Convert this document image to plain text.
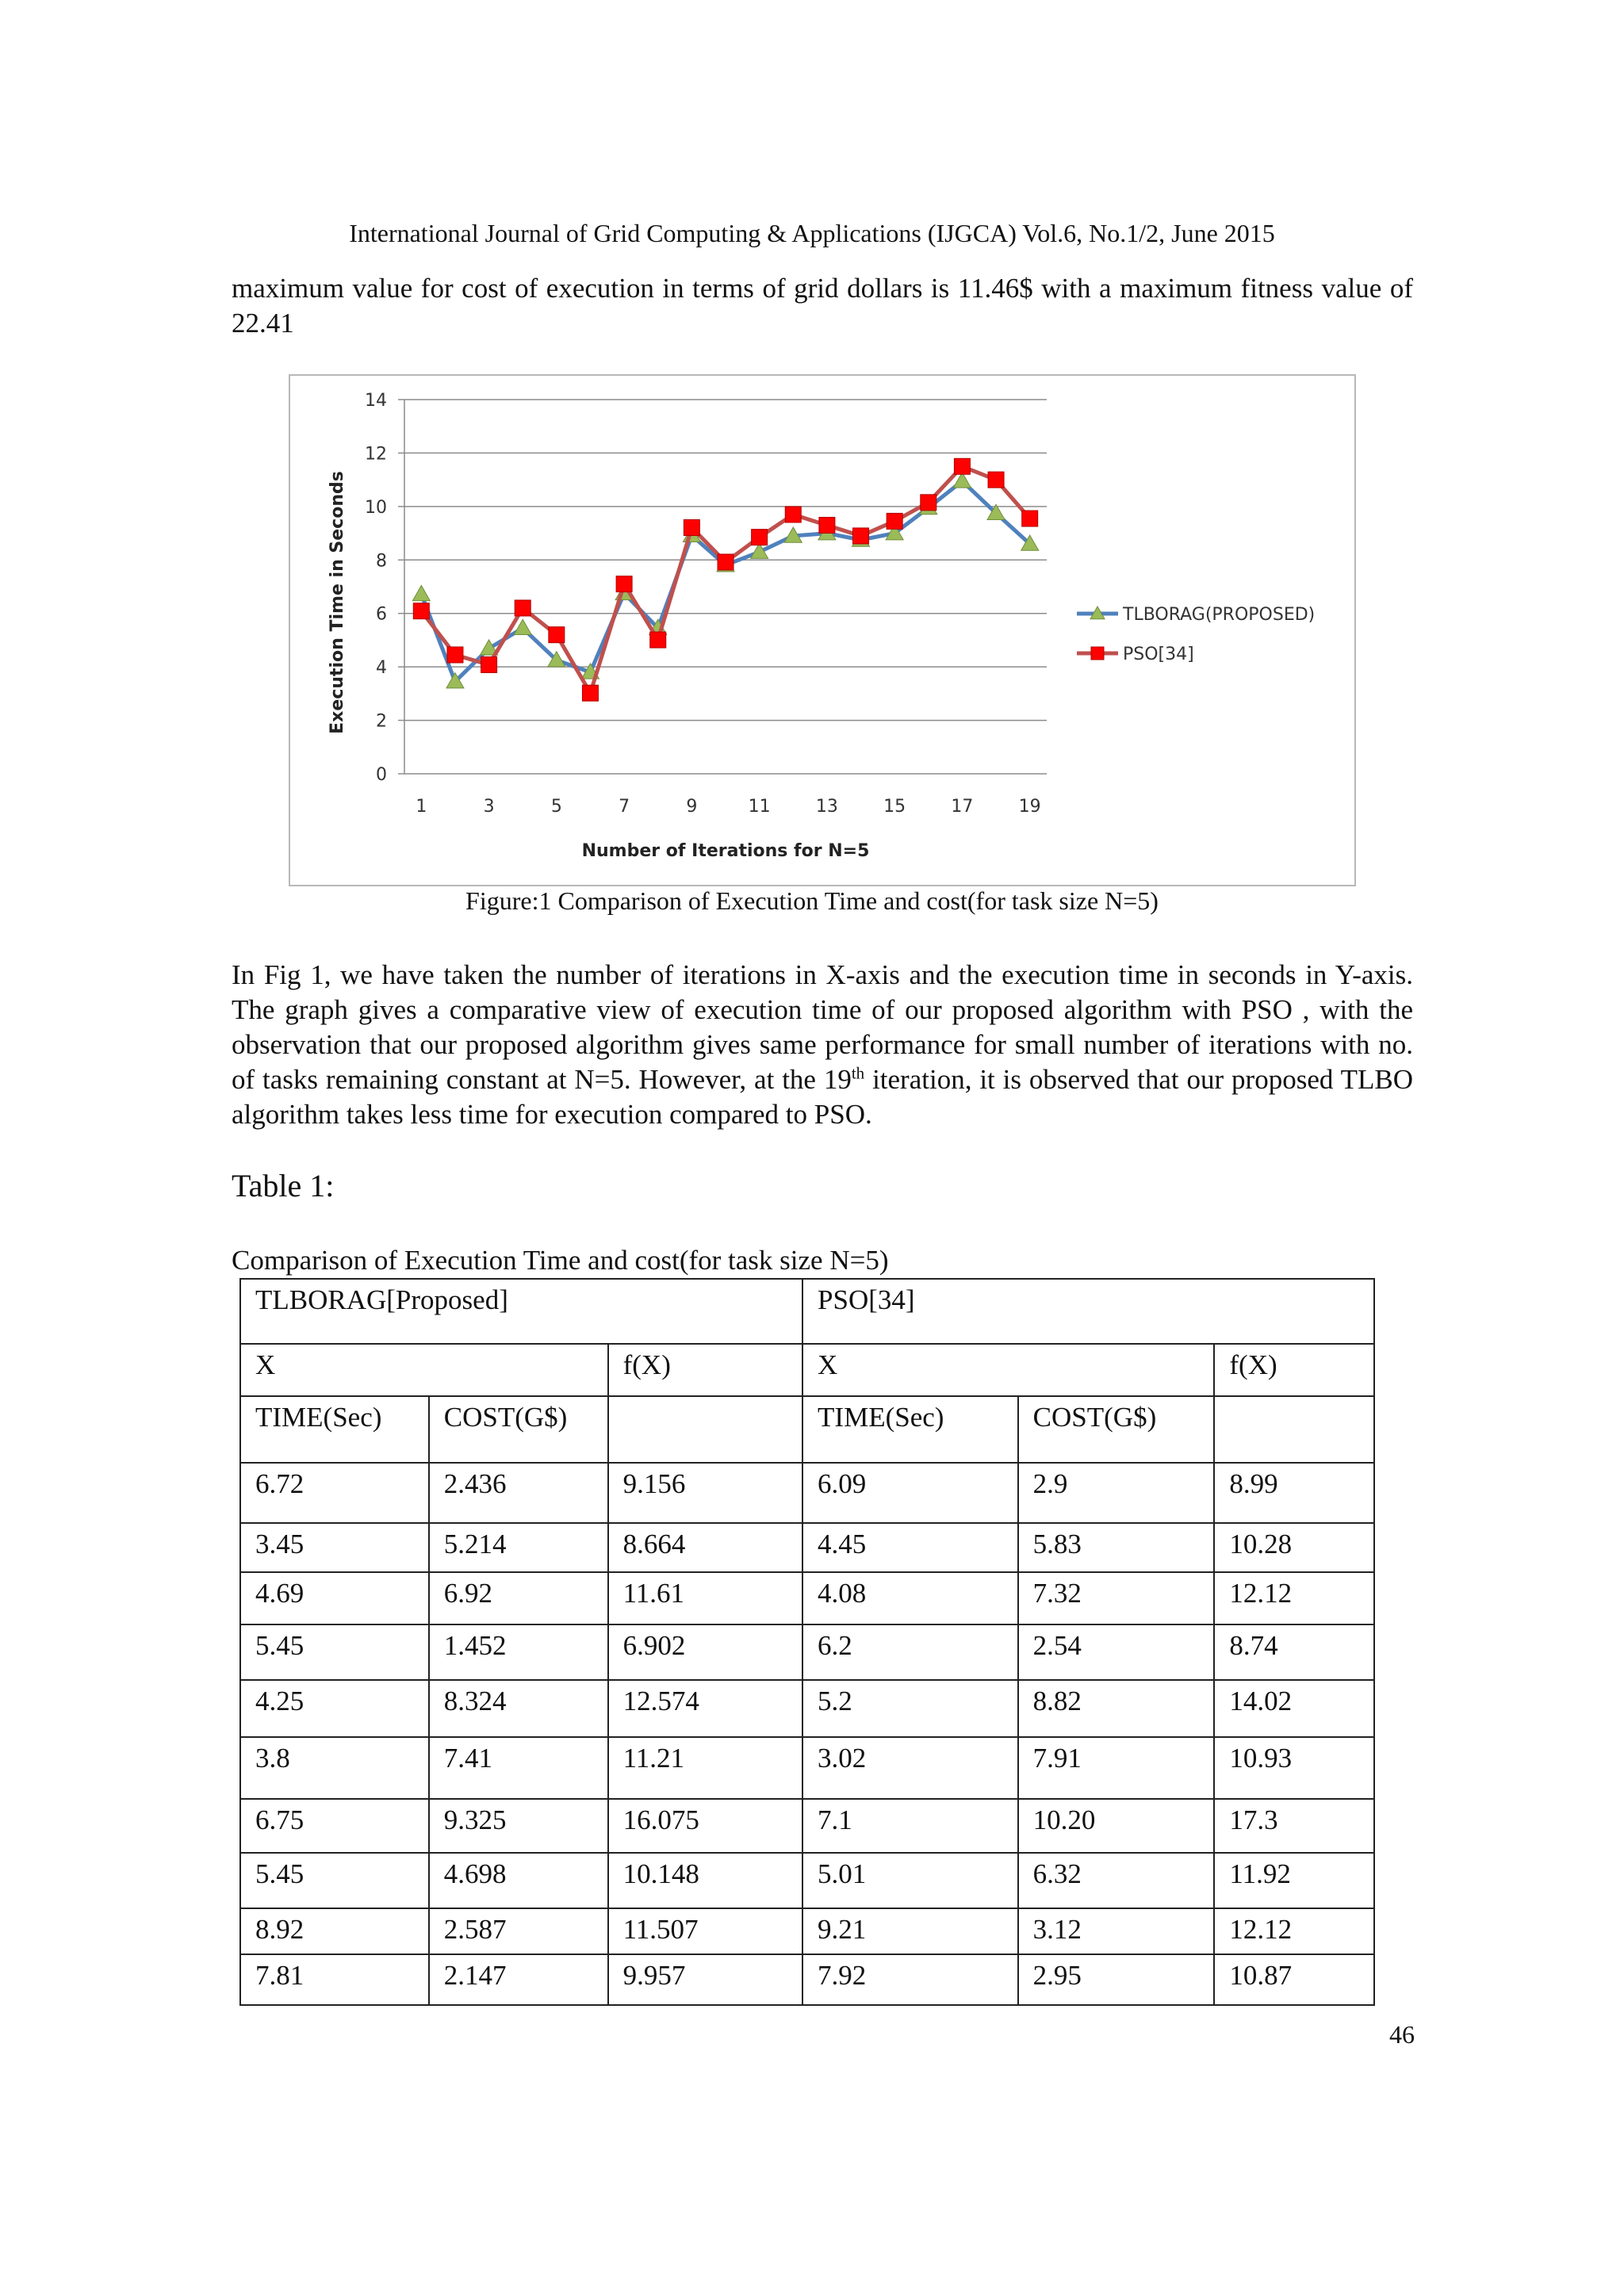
International Journal of Grid Computing & Applications (IJGCA) Vol.6, No.1/2, June 2015
maximum value for cost of execution in terms of grid dollars is 11.46$ with a maximum fitness value of 22.41
0
2
4
6
8
10
12
14
1	3	5	7	9	11	13	15	17	19
Number of Iterations for N=5
Execution Time in Seconds	TLBORAG(PROPOSED)
PSO[34]
Figure:1 Comparison of Execution Time and cost(for task size N=5)
In Fig 1, we have taken the number of iterations in X-axis and the execution time in seconds in Y-axis. The graph gives a comparative view of execution time of our proposed algorithm with PSO , with the observation that our proposed algorithm gives same performance for small number of iterations with no. of tasks remaining constant at N=5. However, at the 19th iteration, it is observed that our proposed TLBO algorithm takes less time for execution compared to PSO.
Table 1:
Comparison of Execution Time and cost(for task size N=5)
TLBORAG[Proposed]			PSO[34]		
X		f(X)	X		f(X)
TIME(Sec)	COST(G$)		TIME(Sec)	COST(G$)	
6.72	2.436	9.156	6.09	2.9	8.99
3.45	5.214	8.664	4.45	5.83	10.28
4.69	6.92	11.61	4.08	7.32	12.12
5.45	1.452	6.902	6.2	2.54	8.74
4.25	8.324	12.574	5.2	8.82	14.02
3.8	7.41	11.21	3.02	7.91	10.93
6.75	9.325	16.075	7.1	10.20	17.3
5.45	4.698	10.148	5.01	6.32	11.92
8.92	2.587	11.507	9.21	3.12	12.12
7.81	2.147	9.957	7.92	2.95	10.87
46
